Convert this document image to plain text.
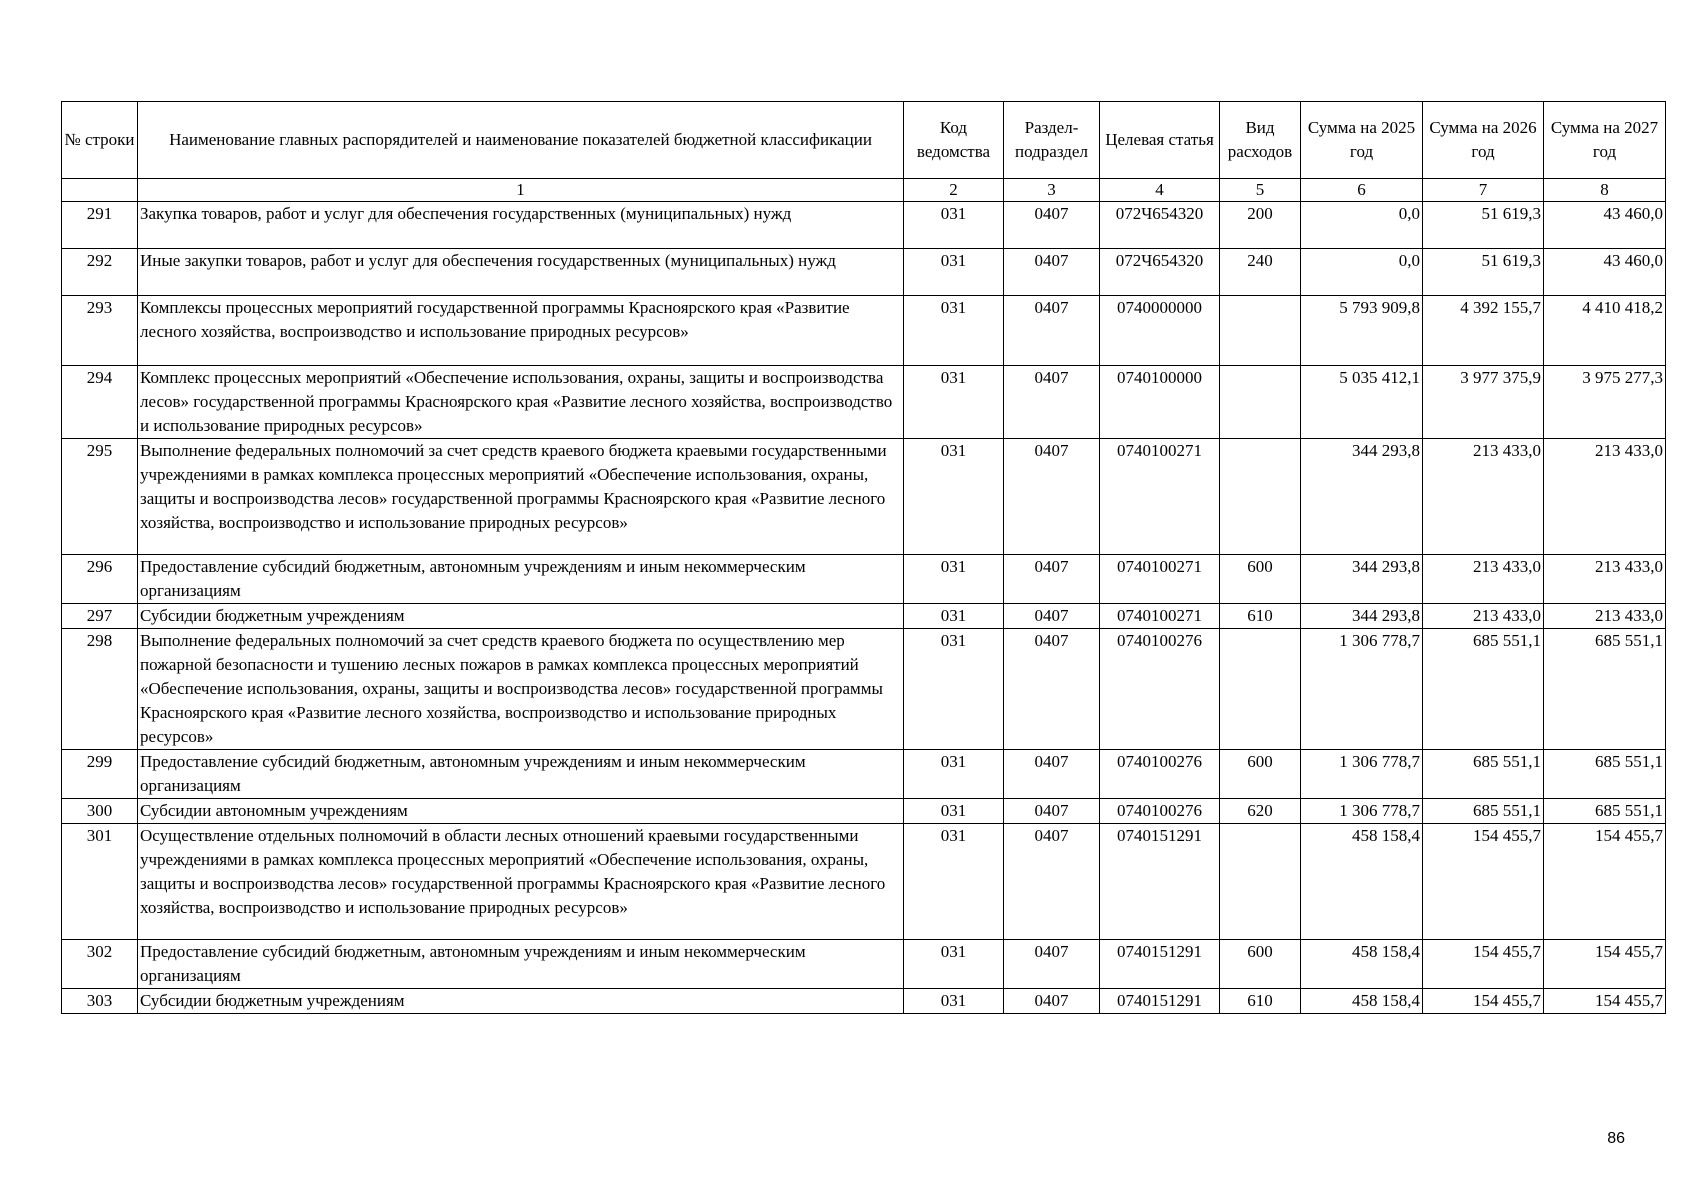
№ строки	Наименование главных распорядителей и наименование показателей бюджетной классификации	Код ведомства	Раздел-подраздел	Целевая статья	Вид расходов	Сумма на 2025 год	Сумма на 2026 год	Сумма на 2027 год
	1	2	3	4	5	6	7	8
291	Закупка товаров, работ и услуг для обеспечения государственных (муниципальных) нужд	031	0407	072Ч654320	200	0,0	51 619,3	43 460,0
292	Иные закупки товаров, работ и услуг для обеспечения государственных (муниципальных) нужд	031	0407	072Ч654320	240	0,0	51 619,3	43 460,0
293	Комплексы процессных мероприятий государственной программы Красноярского края «Развитие лесного хозяйства, воспроизводство и использование природных ресурсов»	031	0407	0740000000		5 793 909,8	4 392 155,7	4 410 418,2
294	Комплекс процессных мероприятий «Обеспечение использования, охраны, защиты и воспроизводства лесов» государственной программы Красноярского края «Развитие лесного хозяйства, воспроизводство и использование природных ресурсов»	031	0407	0740100000		5 035 412,1	3 977 375,9	3 975 277,3
295	Выполнение федеральных полномочий за счет средств краевого бюджета краевыми государственными учреждениями в рамках комплекса процессных мероприятий «Обеспечение использования, охраны, защиты и воспроизводства лесов» государственной программы Красноярского края «Развитие лесного хозяйства, воспроизводство и использование природных ресурсов»	031	0407	0740100271		344 293,8	213 433,0	213 433,0
296	Предоставление субсидий бюджетным, автономным учреждениям и иным некоммерческим организациям	031	0407	0740100271	600	344 293,8	213 433,0	213 433,0
297	Субсидии бюджетным учреждениям	031	0407	0740100271	610	344 293,8	213 433,0	213 433,0
298	Выполнение федеральных полномочий за счет средств краевого бюджета по осуществлению мер пожарной безопасности и тушению лесных пожаров в рамках комплекса процессных мероприятий «Обеспечение использования, охраны, защиты и воспроизводства лесов» государственной программы Красноярского края «Развитие лесного хозяйства, воспроизводство и использование природных ресурсов»	031	0407	0740100276		1 306 778,7	685 551,1	685 551,1
299	Предоставление субсидий бюджетным, автономным учреждениям и иным некоммерческим организациям	031	0407	0740100276	600	1 306 778,7	685 551,1	685 551,1
300	Субсидии автономным учреждениям	031	0407	0740100276	620	1 306 778,7	685 551,1	685 551,1
301	Осуществление отдельных полномочий в области лесных отношений краевыми государственными учреждениями в рамках комплекса процессных мероприятий «Обеспечение использования, охраны, защиты и воспроизводства лесов» государственной программы Красноярского края «Развитие лесного хозяйства, воспроизводство и использование природных ресурсов»	031	0407	0740151291		458 158,4	154 455,7	154 455,7
302	Предоставление субсидий бюджетным, автономным учреждениям и иным некоммерческим организациям	031	0407	0740151291	600	458 158,4	154 455,7	154 455,7
303	Субсидии бюджетным учреждениям	031	0407	0740151291	610	458 158,4	154 455,7	154 455,7
86
